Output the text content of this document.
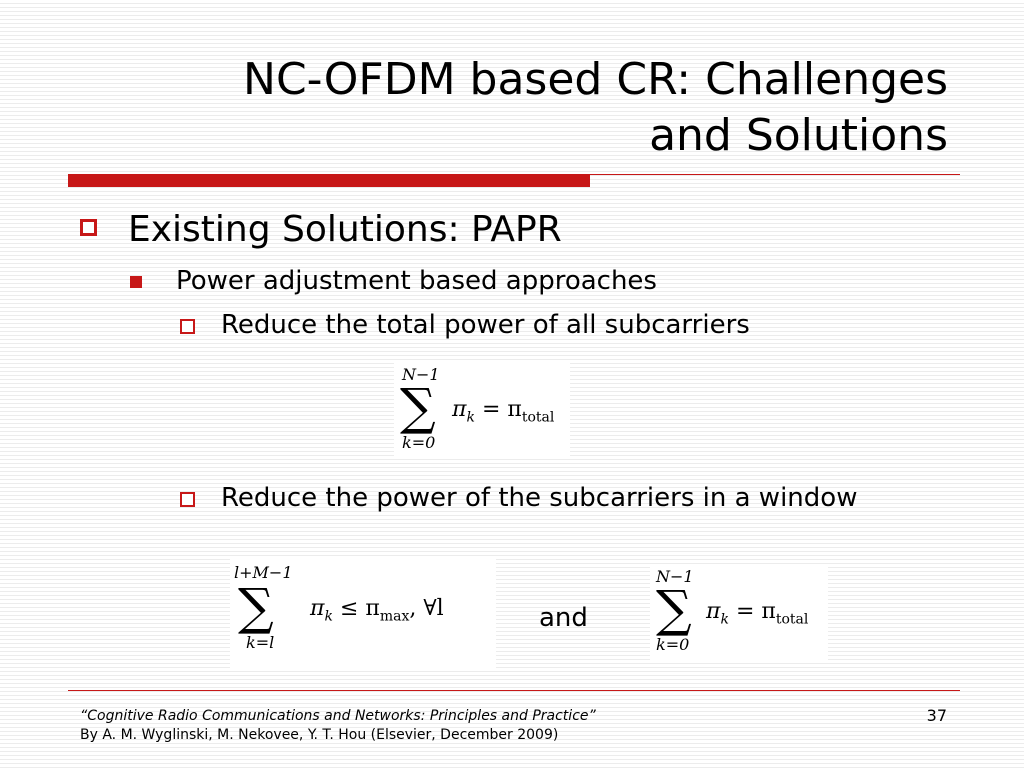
NC-OFDM based CR: Challenges
and Solutions
Existing Solutions: PAPR
Power adjustment based approaches
Reduce the total power of all subcarriers
N−1
∑
k=0
$\pi_k = \pi_{total}$
Reduce the power of the subcarriers in a window
l+M−1
∑
k=l
$\pi_k \le \pi_{max}$, ∀l	and
N−1
∑
k=0
$\pi_k = \pi_{total}$
“Cognitive Radio Communications and Networks: Principles and Practice”
By A. M. Wyglinski, M. Nekovee, Y. T. Hou (Elsevier, December 2009)
37
